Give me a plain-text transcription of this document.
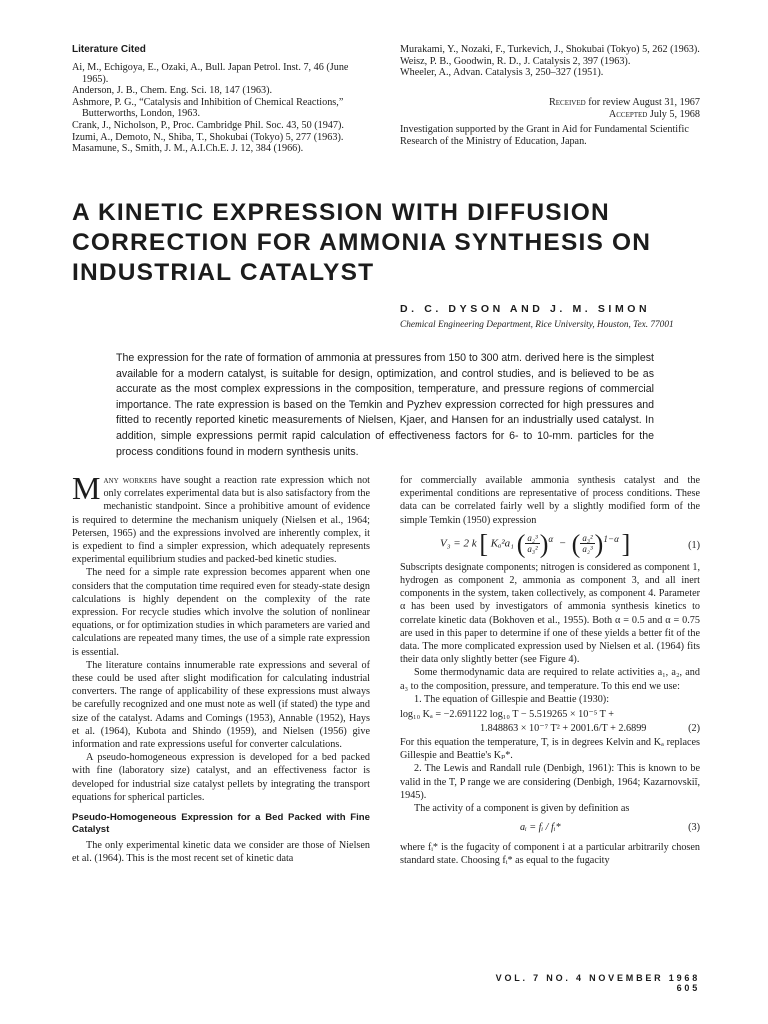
Literature Cited
Ai, M., Echigoya, E., Ozaki, A., Bull. Japan Petrol. Inst. 7, 46 (June 1965).
Anderson, J. B., Chem. Eng. Sci. 18, 147 (1963).
Ashmore, P. G., “Catalysis and Inhibition of Chemical Reactions,” Butterworths, London, 1963.
Crank, J., Nicholson, P., Proc. Cambridge Phil. Soc. 43, 50 (1947).
Izumi, A., Demoto, N., Shiba, T., Shokubai (Tokyo) 5, 277 (1963).
Masamune, S., Smith, J. M., A.I.Ch.E. J. 12, 384 (1966).
Murakami, Y., Nozaki, F., Turkevich, J., Shokubai (Tokyo) 5, 262 (1963).
Weisz, P. B., Goodwin, R. D., J. Catalysis 2, 397 (1963).
Wheeler, A., Advan. Catalysis 3, 250–327 (1951).
Received for review August 31, 1967
Accepted July 5, 1968
Investigation supported by the Grant in Aid for Fundamental Scientific Research of the Ministry of Education, Japan.
A KINETIC EXPRESSION WITH DIFFUSION CORRECTION FOR AMMONIA SYNTHESIS ON INDUSTRIAL CATALYST
D. C. DYSON AND J. M. SIMON
Chemical Engineering Department, Rice University, Houston, Tex. 77001
The expression for the rate of formation of ammonia at pressures from 150 to 300 atm. derived here is the simplest available for a modern catalyst, is suitable for design, optimization, and control studies, and is believed to be as accurate as the most complex expressions in the composition, temperature, and pressure regions of commercial importance. The rate expression is based on the Temkin and Pyzhev expression corrected for high pressures and fitted to recently reported kinetic measurements of Nielsen, Kjaer, and Hansen for an industrially used catalyst. In addition, simple expressions permit rapid calculation of effectiveness factors for 6- to 10-mm. particles for the process conditions found in modern synthesis units.

Many workers have sought a reaction rate expression which not only correlates experimental data but is also satisfactory from the mechanistic standpoint. Since a prohibitive amount of evidence is required to determine the mechanism uniquely (Nielsen et al., 1964; Petersen, 1965) and the expressions involved are inherently complex, it is expedient to find a simpler expression, which adequately represents experimental equilibrium studies and packed-bed kinetic studies.

The need for a simple rate expression becomes apparent when one considers that the computation time required even for steady-state design calculations is highly dependent on the complexity of the rate expression. For recycle studies which involve the solution of nonlinear equations, or for optimization studies in which parameters are varied and calculations are repeated many times, the use of a simple rate expression is essential.

The literature contains innumerable rate expressions and several of these could be used after slight modification for calculating industrial converters. The range of applicability of these expressions must always be carefully recognized and one must note as well (if stated) the type and size of the catalyst. Adams and Comings (1953), Annable (1952), Hays et al. (1964), Kubota and Shindo (1959), and Nielsen (1956) give information and rate expressions useful for converter calculations.

A pseudo-homogeneous expression is developed for a bed packed with fine (laboratory size) catalyst, and an effectiveness factor is developed for industrial size catalyst pellets by integrating the transport equations for spherical particles.

Pseudo-Homogeneous Expression for a Bed Packed with Fine Catalyst

The only experimental kinetic data we consider are those of Nielsen et al. (1964). This is the most recent set of kinetic data

for commercially available ammonia synthesis catalyst and the experimental conditions are representative of process conditions. These data can be correlated fairly well by a slightly modified form of the simple Temkin (1950) expression

V₃ = 2 k [ Kₐ²a₁ ( $\frac{\text{a₂³}}{\text{a₃²}})^\alpha$  −  ( $\frac{\text{a₃²}}{\text{a₂³}})^{1-\alpha}$ ]	(1)

Subscripts designate components; nitrogen is considered as component 1, hydrogen as component 2, ammonia as component 3, and all inert components in the system, taken collectively, as component 4. Parameter α has been used by investigators of ammonia synthesis kinetics to correlate kinetic data (Bokhoven et al., 1955). Both α = 0.5 and α = 0.75 are used in this paper to determine if one of these yields a better fit of the data. The more complicated expression used by Nielsen et al. (1964) fits their data only slightly better (see Figure 4).

Some thermodynamic data are required to relate activities a₁, a₂, and a₃ to the composition, pressure, and temperature. To this end we use:

1. The equation of Gillespie and Beattie (1930):

log₁₀ Kₐ = −2.691122 log₁₀ T − 5.519265 × 10⁻⁵ T +
1.848863 × 10⁻⁷ T² + 2001.6/T + 2.6899	(2)

For this equation the temperature, T, is in degrees Kelvin and Kₐ replaces Gillespie and Beattie's Kₚ*.

2. The Lewis and Randall rule (Denbigh, 1961): This is known to be valid in the T, P range we are considering (Denbigh, 1964; Kazarnovskiĭ, 1945).

The activity of a component is given by definition as

aᵢ = fᵢ / fᵢ*	(3)

where fᵢ* is the fugacity of component i at a particular arbitrarily chosen standard state. Choosing fᵢ* as equal to the fugacity

VOL. 7 NO. 4 NOVEMBER 1968 605
